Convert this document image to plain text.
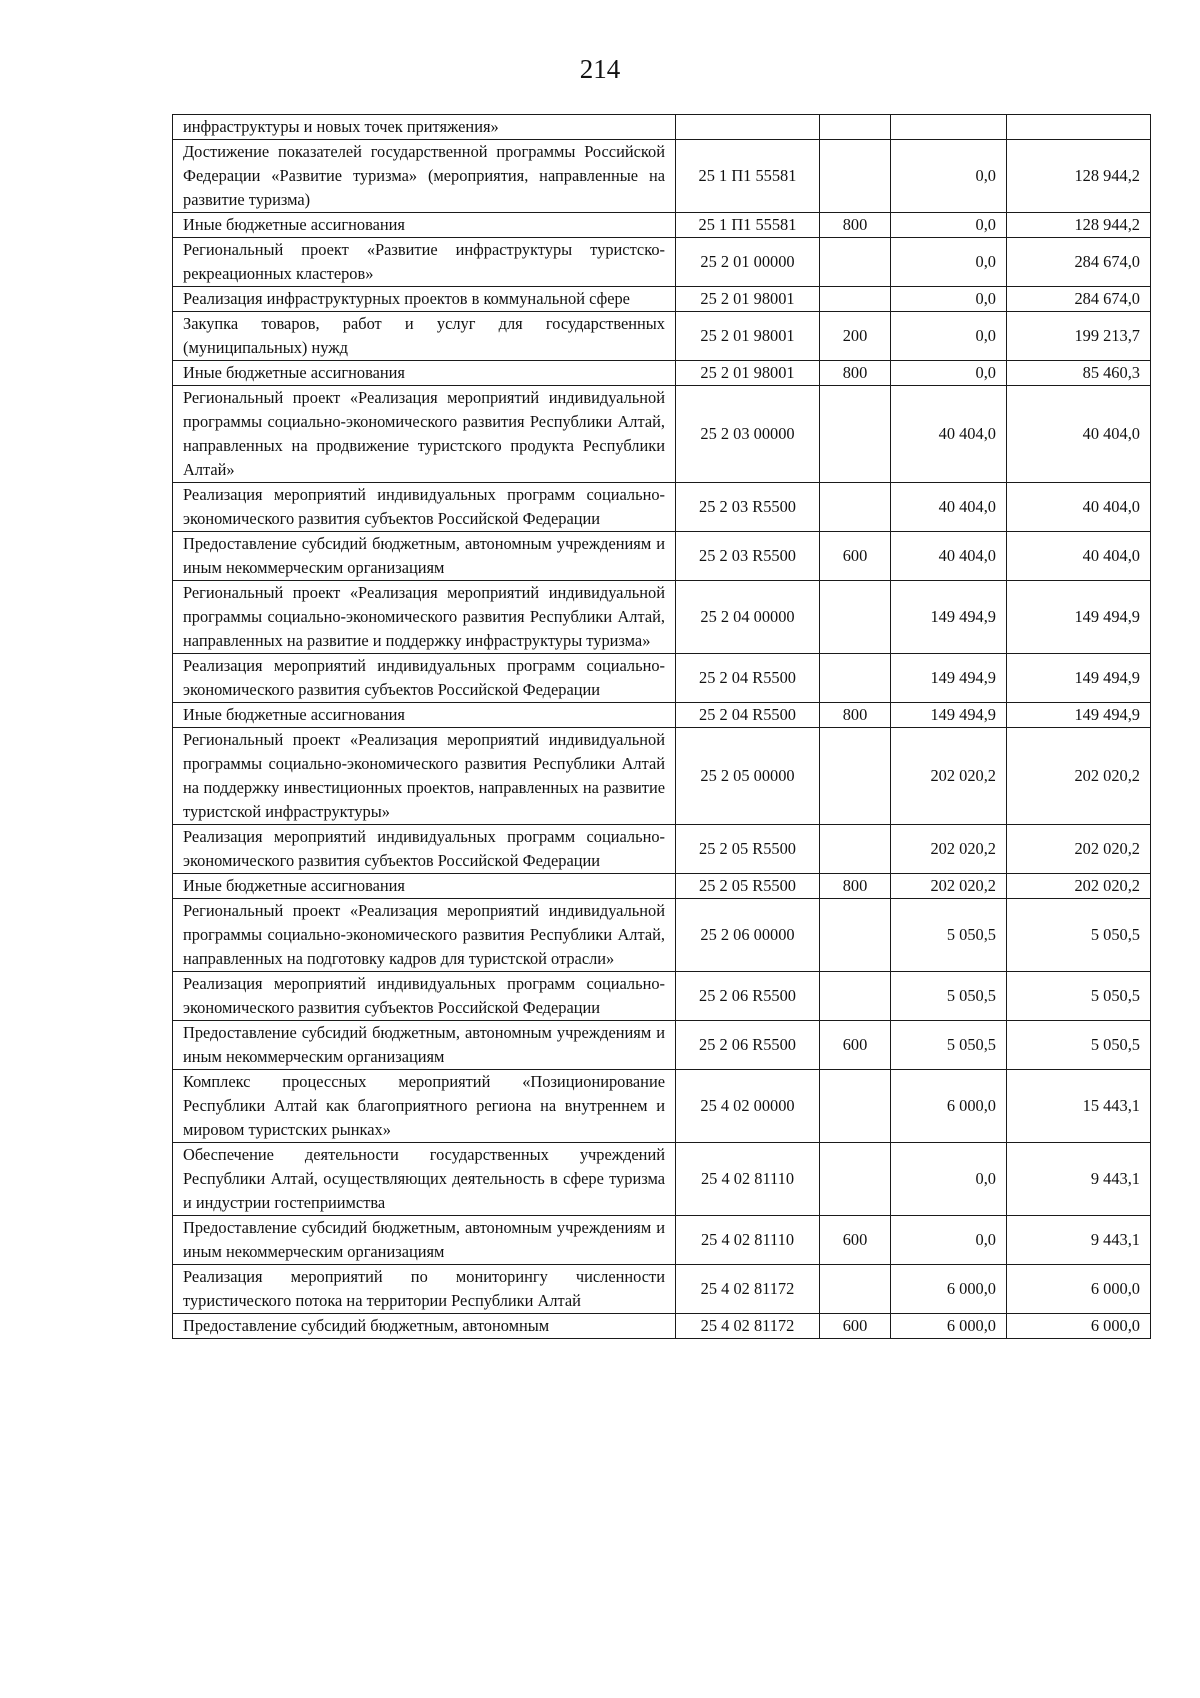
214
инфраструктуры и новых точек притяжения»				
Достижение показателей государственной программы Российской Федерации «Развитие туризма» (мероприятия, направленные на развитие туризма)	25 1 П1 55581		0,0	128 944,2
Иные бюджетные ассигнования	25 1 П1 55581	800	0,0	128 944,2
Региональный проект «Развитие инфраструктуры туристско-рекреационных кластеров»	25 2 01 00000		0,0	284 674,0
Реализация инфраструктурных проектов в коммунальной сфере	25 2 01 98001		0,0	284 674,0
Закупка товаров, работ и услуг для государственных (муниципальных) нужд	25 2 01 98001	200	0,0	199 213,7
Иные бюджетные ассигнования	25 2 01 98001	800	0,0	85 460,3
Региональный проект «Реализация мероприятий индивидуальной программы социально-экономического развития Республики Алтай, направленных на продвижение туристского продукта Республики Алтай»	25 2 03 00000		40 404,0	40 404,0
Реализация мероприятий индивидуальных программ социально-экономического развития субъектов Российской Федерации	25 2 03 R5500		40 404,0	40 404,0
Предоставление субсидий бюджетным, автономным учреждениям и иным некоммерческим организациям	25 2 03 R5500	600	40 404,0	40 404,0
Региональный проект «Реализация мероприятий индивидуальной программы социально-экономического развития Республики Алтай, направленных на развитие и поддержку инфраструктуры туризма»	25 2 04 00000		149 494,9	149 494,9
Реализация мероприятий индивидуальных программ социально-экономического развития субъектов Российской Федерации	25 2 04 R5500		149 494,9	149 494,9
Иные бюджетные ассигнования	25 2 04 R5500	800	149 494,9	149 494,9
Региональный проект «Реализация мероприятий индивидуальной программы социально-экономического развития Республики Алтай на поддержку инвестиционных проектов, направленных на развитие туристской инфраструктуры»	25 2 05 00000		202 020,2	202 020,2
Реализация мероприятий индивидуальных программ социально-экономического развития субъектов Российской Федерации	25 2 05 R5500		202 020,2	202 020,2
Иные бюджетные ассигнования	25 2 05 R5500	800	202 020,2	202 020,2
Региональный проект «Реализация мероприятий индивидуальной программы социально-экономического развития Республики Алтай, направленных на подготовку кадров для туристской отрасли»	25 2 06 00000		5 050,5	5 050,5
Реализация мероприятий индивидуальных программ социально-экономического развития субъектов Российской Федерации	25 2 06 R5500		5 050,5	5 050,5
Предоставление субсидий бюджетным, автономным учреждениям и иным некоммерческим организациям	25 2 06 R5500	600	5 050,5	5 050,5
Комплекс процессных мероприятий «Позиционирование Республики Алтай как благоприятного региона на внутреннем и мировом туристских рынках»	25 4 02 00000		6 000,0	15 443,1
Обеспечение деятельности государственных учреждений Республики Алтай, осуществляющих деятельность в сфере туризма и индустрии гостеприимства	25 4 02 81110		0,0	9 443,1
Предоставление субсидий бюджетным, автономным учреждениям и иным некоммерческим организациям	25 4 02 81110	600	0,0	9 443,1
Реализация мероприятий по мониторингу численности туристического потока на территории Республики Алтай	25 4 02 81172		6 000,0	6 000,0
Предоставление субсидий бюджетным, автономным	25 4 02 81172	600	6 000,0	6 000,0
